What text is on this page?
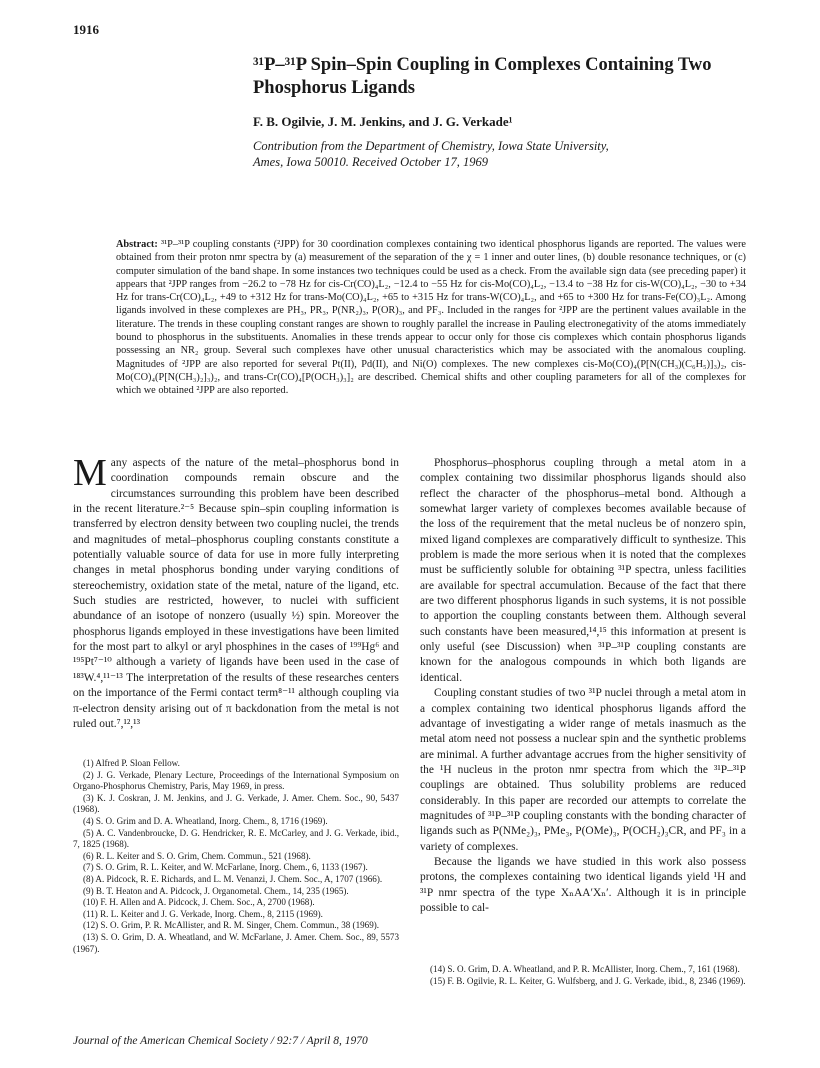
1916
³¹P–³¹P Spin–Spin Coupling in Complexes Containing Two
Phosphorus Ligands
F. B. Ogilvie, J. M. Jenkins, and J. G. Verkade¹
Contribution from the Department of Chemistry, Iowa State University,
Ames, Iowa 50010. Received October 17, 1969
Abstract: ³¹P–³¹P coupling constants (²JPP) for 30 coordination complexes containing two identical phosphorus ligands are reported. The values were obtained from their proton nmr spectra by (a) measurement of the separation of the χ = 1 inner and outer lines, (b) double resonance techniques, or (c) computer simulation of the band shape. In some instances two techniques could be used as a check. From the available sign data (see preceding paper) it appears that ²JPP ranges from −26.2 to −78 Hz for cis-Cr(CO)₄L₂, −12.4 to −55 Hz for cis-Mo(CO)₄L₂, −13.4 to −38 Hz for cis-W(CO)₄L₂, −30 to +34 Hz for trans-Cr(CO)₄L₂, +49 to +312 Hz for trans-Mo(CO)₄L₂, +65 to +315 Hz for trans-W(CO)₄L₂, and +65 to +300 Hz for trans-Fe(CO)₃L₂. Among ligands involved in these complexes are PH₃, PR₃, P(NR₂)₃, P(OR)₃, and PF₃. Included in the ranges for ²JPP are the pertinent values available in the literature. The trends in these coupling constant ranges are shown to roughly parallel the increase in Pauling electronegativity of the atoms immediately bound to phosphorus in the substituents. Anomalies in these trends appear to occur only for those cis complexes which contain phosphorus ligands possessing an NR₂ group. Several such complexes have other unusual characteristics which may be associated with the anomalous coupling. Magnitudes of ²JPP are also reported for several Pt(II), Pd(II), and Ni(O) complexes. The new complexes cis-Mo(CO)₄(P[N(CH₃)(C₆H₅)]₃)₂, cis-Mo(CO)₄(P[N(CH₃)₂]₃)₂, and trans-Cr(CO)₄[P(OCH₃)₃]₂ are described. Chemical shifts and other coupling parameters for all of the complexes for which we obtained ²JPP are also reported.

Many aspects of the nature of the metal–phosphorus bond in coordination compounds remain obscure and the circumstances surrounding this problem have been described in the recent literature.²⁻⁵ Because spin–spin coupling information is transferred by electron density between two coupling nuclei, the trends and magnitudes of metal–phosphorus coupling constants constitute a potentially valuable source of data for use in more fully interpreting changes in metal phosphorus bonding under varying conditions of stereochemistry, oxidation state of the metal, nature of the ligand, etc. Such studies are restricted, however, to nuclei with sufficient abundance of an isotope of nonzero (usually ½) spin. Moreover the phosphorus ligands employed in these investigations have been limited for the most part to alkyl or aryl phosphines in the cases of ¹⁹⁹Hg⁶ and ¹⁹⁵Pt⁷⁻¹⁰ although a variety of ligands have been used in the case of ¹⁸³W.⁴,¹¹⁻¹³ The interpretation of the results of these researches centers on the importance of the Fermi contact term⁸⁻¹¹ although coupling via π-electron density arising out of π backdonation from the metal is not ruled out.⁷,¹²,¹³

(1) Alfred P. Sloan Fellow.
(2) J. G. Verkade, Plenary Lecture, Proceedings of the International Symposium on Organo-Phosphorus Chemistry, Paris, May 1969, in press.
(3) K. J. Coskran, J. M. Jenkins, and J. G. Verkade, J. Amer. Chem. Soc., 90, 5437 (1968).
(4) S. O. Grim and D. A. Wheatland, Inorg. Chem., 8, 1716 (1969).
(5) A. C. Vandenbroucke, D. G. Hendricker, R. E. McCarley, and J. G. Verkade, ibid., 7, 1825 (1968).
(6) R. L. Keiter and S. O. Grim, Chem. Commun., 521 (1968).
(7) S. O. Grim, R. L. Keiter, and W. McFarlane, Inorg. Chem., 6, 1133 (1967).
(8) A. Pidcock, R. E. Richards, and L. M. Venanzi, J. Chem. Soc., A, 1707 (1966).
(9) B. T. Heaton and A. Pidcock, J. Organometal. Chem., 14, 235 (1965).
(10) F. H. Allen and A. Pidcock, J. Chem. Soc., A, 2700 (1968).
(11) R. L. Keiter and J. G. Verkade, Inorg. Chem., 8, 2115 (1969).
(12) S. O. Grim, P. R. McAllister, and R. M. Singer, Chem. Commun., 38 (1969).
(13) S. O. Grim, D. A. Wheatland, and W. McFarlane, J. Amer. Chem. Soc., 89, 5573 (1967).

Phosphorus–phosphorus coupling through a metal atom in a complex containing two dissimilar phosphorus ligands should also reflect the character of the phosphorus–metal bond. Although a somewhat larger variety of complexes becomes available because of the loss of the requirement that the metal nucleus be of nonzero spin, mixed ligand complexes are comparatively difficult to synthesize. This problem is made the more serious when it is noted that the complexes must be sufficiently soluble for obtaining ³¹P spectra, unless facilities are available for spectral accumulation. Because of the fact that there are two different phosphorus ligands in such systems, it is not possible to apportion the coupling constants between them. Although several such constants have been measured,¹⁴,¹⁵ this information at present is only useful (see Discussion) when ³¹P–³¹P coupling constants are known for the analogous compounds in which both ligands are identical.

Coupling constant studies of two ³¹P nuclei through a metal atom in a complex containing two identical phosphorus ligands afford the advantage of investigating a wider range of metals inasmuch as the metal atom need not possess a nuclear spin and the synthetic problems are minimal. A further advantage accrues from the higher sensitivity of the ¹H nucleus in the proton nmr spectra from which the ³¹P–³¹P couplings are obtained. Thus solubility problems are reduced considerably. In this paper are recorded our attempts to correlate the magnitudes of ³¹P–³¹P coupling constants with the bonding character of ligands such as P(NMe₂)₃, PMe₃, P(OMe)₃, P(OCH₂)₃CR, and PF₃ in a variety of complexes.

Because the ligands we have studied in this work also possess protons, the complexes containing two identical ligands yield ¹H and ³¹P nmr spectra of the type XₙAA′Xₙ′. Although it is in principle possible to cal-

(14) S. O. Grim, D. A. Wheatland, and P. R. McAllister, Inorg. Chem., 7, 161 (1968).
(15) F. B. Ogilvie, R. L. Keiter, G. Wulfsberg, and J. G. Verkade, ibid., 8, 2346 (1969).
Journal of the American Chemical Society / 92:7 / April 8, 1970
